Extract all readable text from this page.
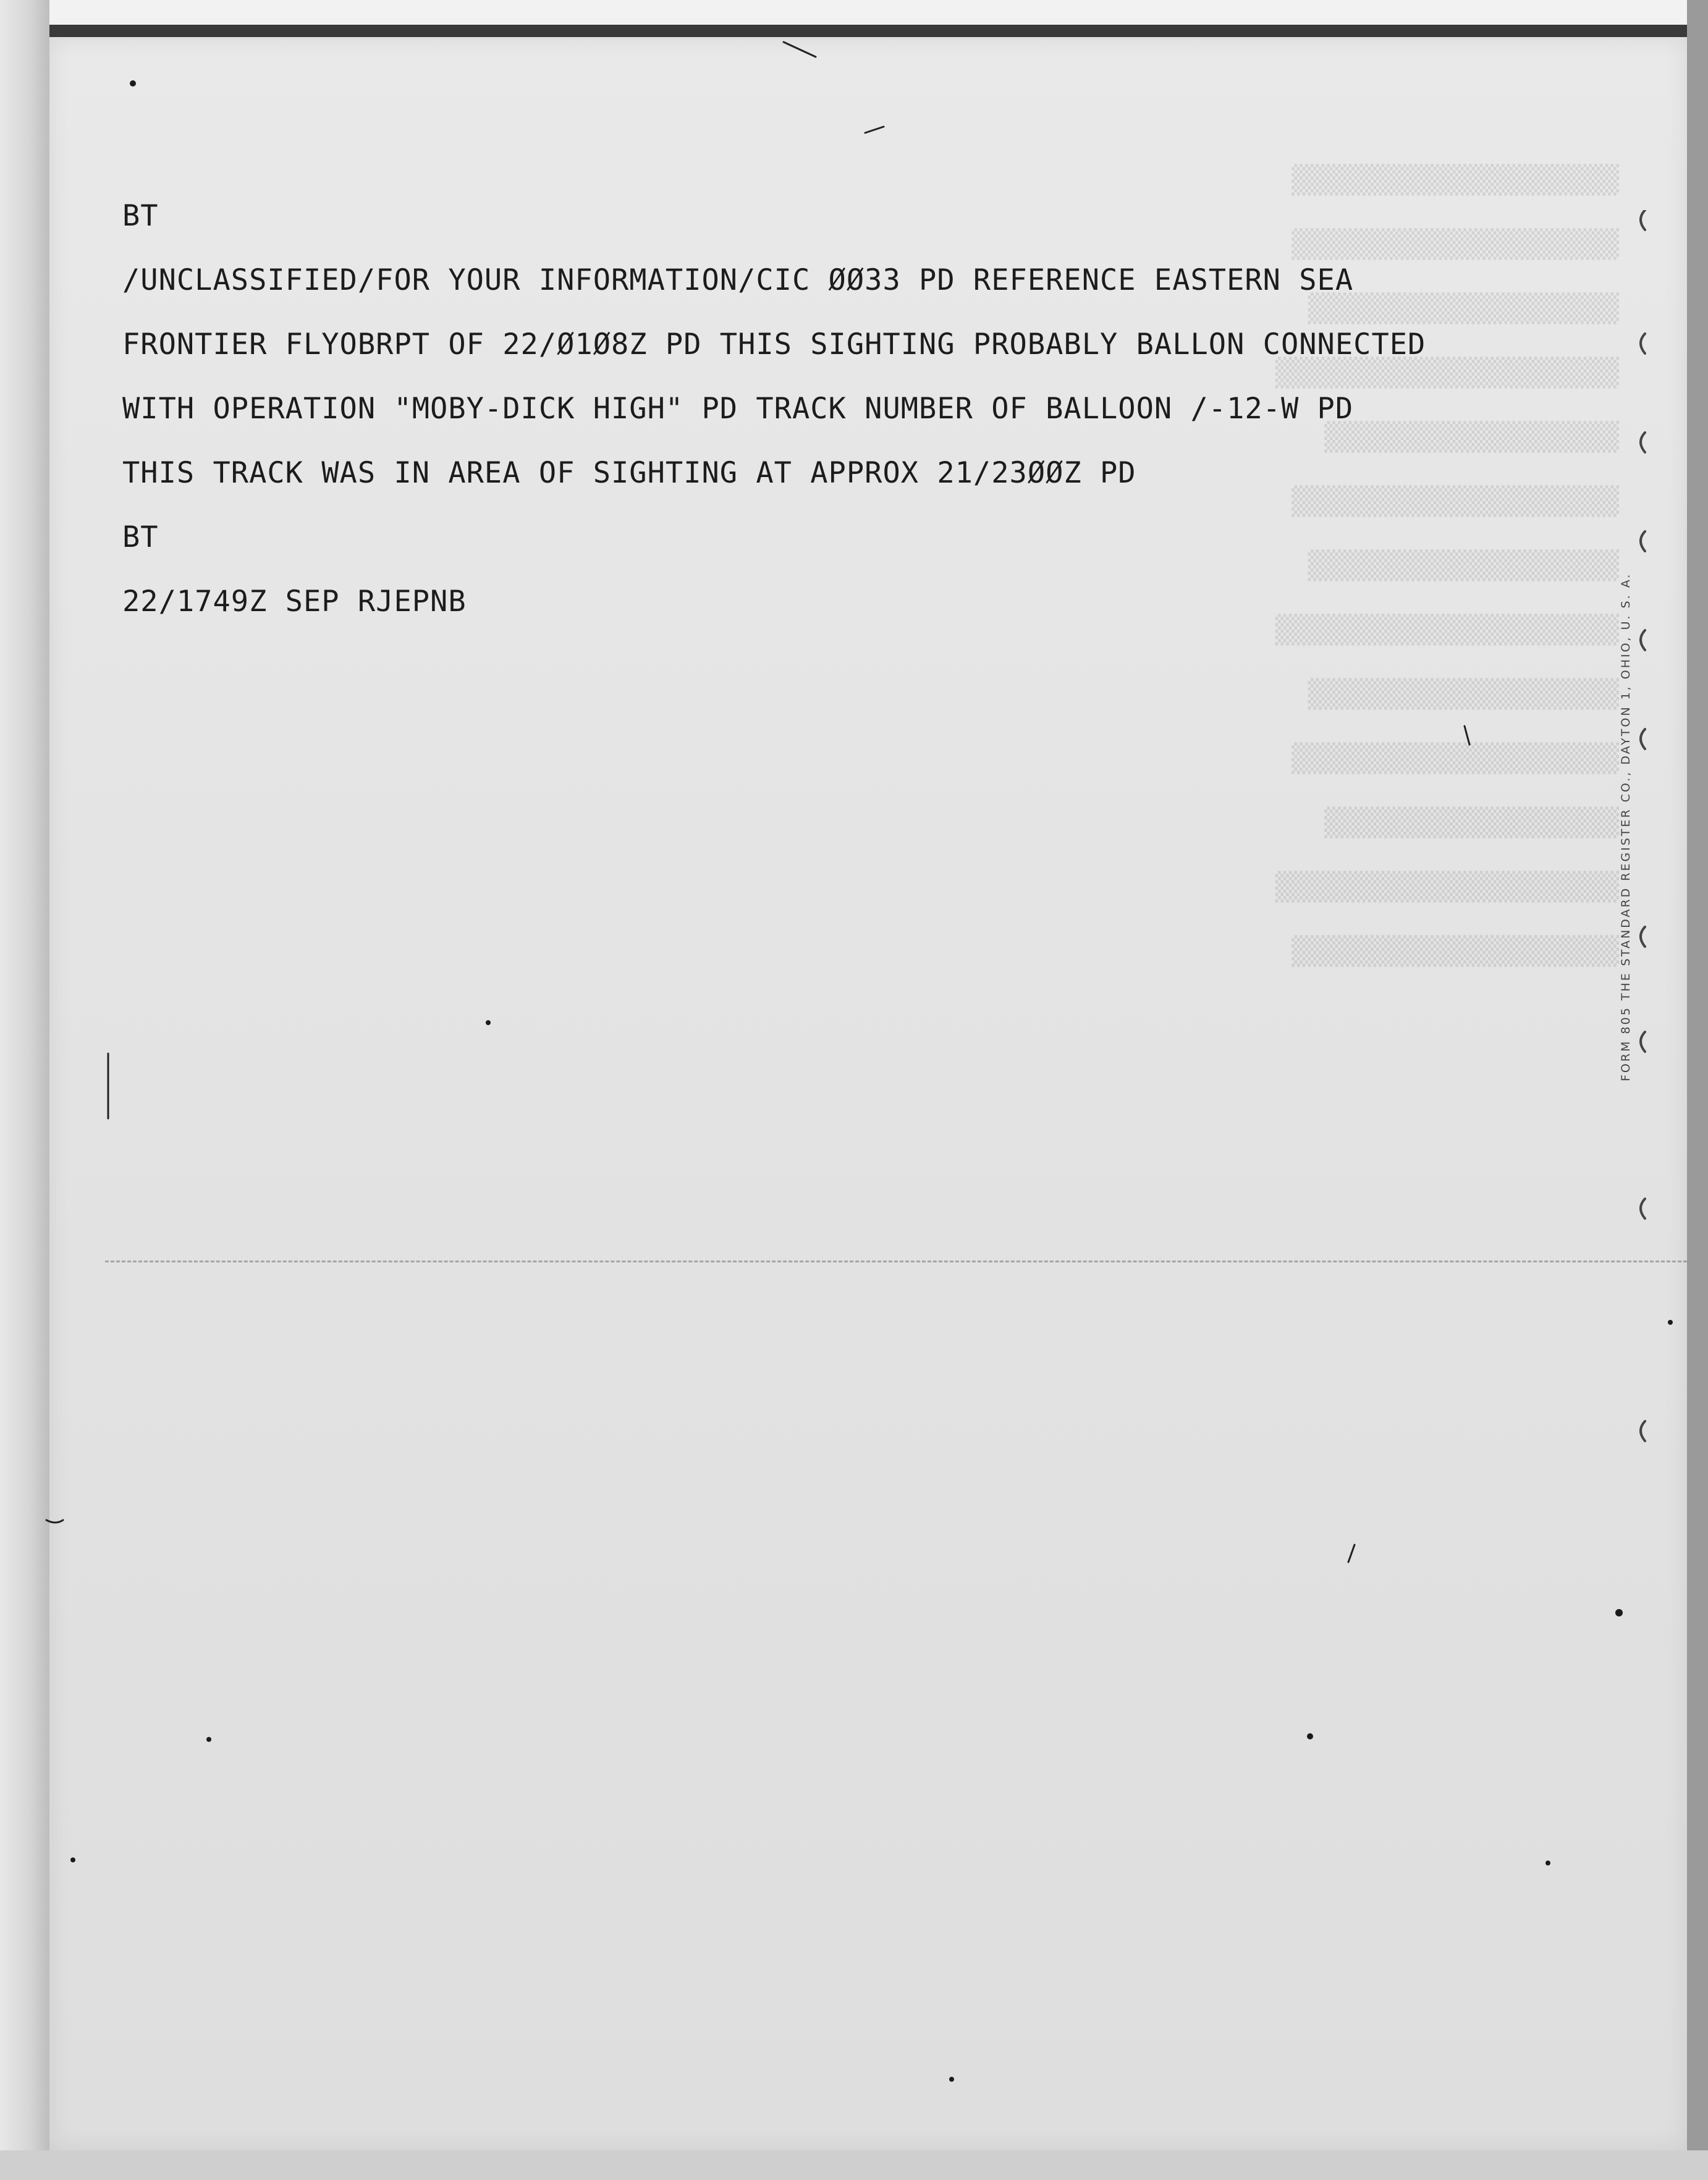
▒▒▒▒▒▒▒▒▒▒▒▒▒▒▒▒▒▒▒▒
▒▒▒▒▒▒▒▒▒▒▒▒▒▒▒▒▒▒▒▒
▒▒▒▒▒▒▒▒▒▒▒▒▒▒▒▒▒▒▒
▒▒▒▒▒▒▒▒▒▒▒▒▒▒▒▒▒▒▒▒▒
▒▒▒▒▒▒▒▒▒▒▒▒▒▒▒▒▒▒
▒▒▒▒▒▒▒▒▒▒▒▒▒▒▒▒▒▒▒▒
▒▒▒▒▒▒▒▒▒▒▒▒▒▒▒▒▒▒▒
▒▒▒▒▒▒▒▒▒▒▒▒▒▒▒▒▒▒▒▒▒
▒▒▒▒▒▒▒▒▒▒▒▒▒▒▒▒▒▒▒
▒▒▒▒▒▒▒▒▒▒▒▒▒▒▒▒▒▒▒▒
▒▒▒▒▒▒▒▒▒▒▒▒▒▒▒▒▒▒
▒▒▒▒▒▒▒▒▒▒▒▒▒▒▒▒▒▒▒▒▒
▒▒▒▒▒▒▒▒▒▒▒▒▒▒▒▒▒▒▒▒
BT
/UNCLASSIFIED/FOR YOUR INFORMATION/CIC ØØ33 PD REFERENCE EASTERN SEA
FRONTIER FLYOBRPT OF 22/Ø1Ø8Z PD THIS SIGHTING PROBABLY BALLON CONNECTED
WITH OPERATION "MOBY-DICK HIGH" PD TRACK NUMBER OF BALLOON /-12-W PD
THIS TRACK WAS IN AREA OF SIGHTING AT APPROX 21/23ØØZ PD
BT
22/1749Z SEP RJEPNB	FORM 805 THE STANDARD REGISTER CO., DAYTON 1, OHIO, U. S. A.
